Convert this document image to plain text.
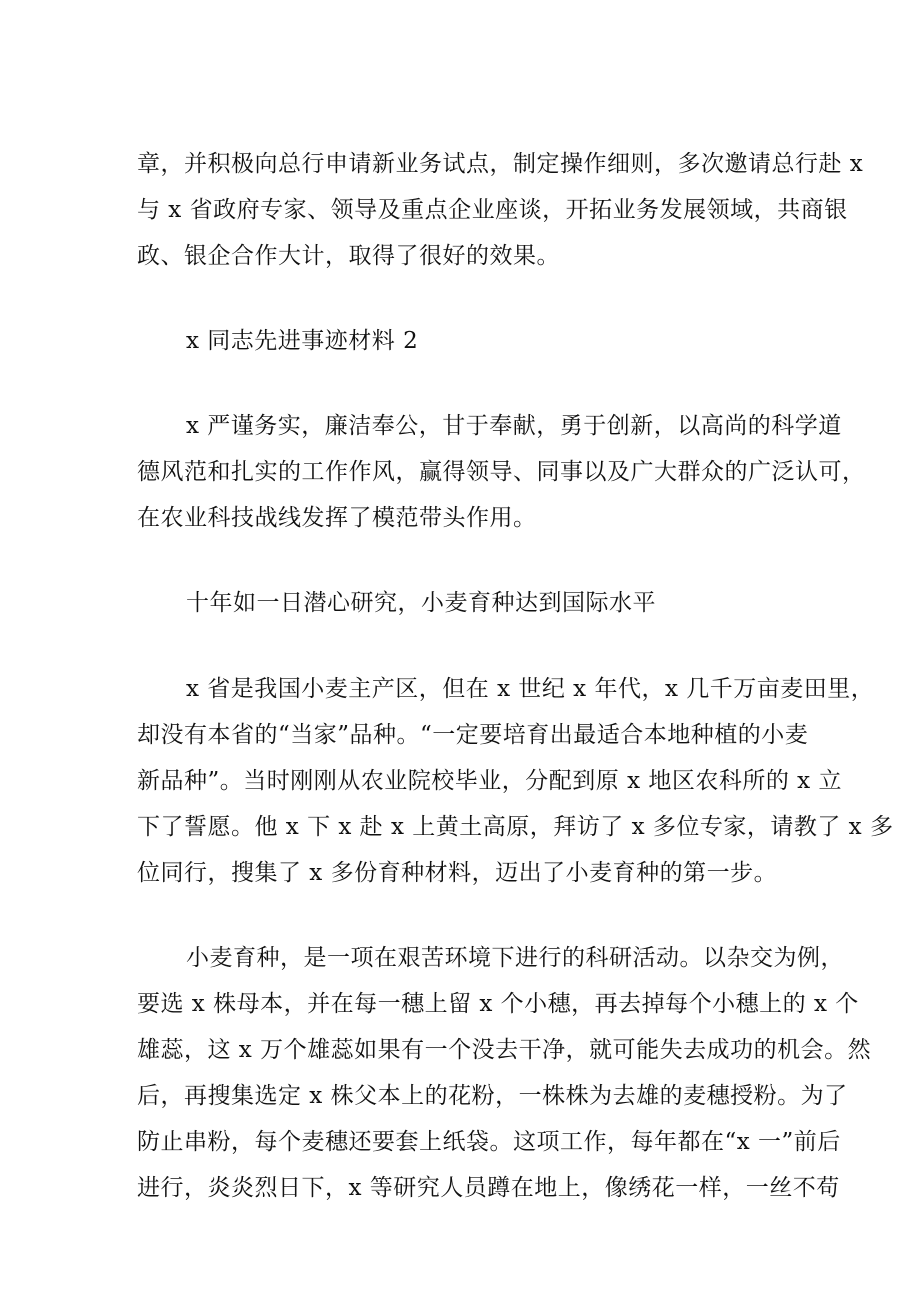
章，并积极向总行申请新业务试点，制定操作细则，多次邀请总行赴 x

与 x 省政府专家、领导及重点企业座谈，开拓业务发展领域，共商银

政、银企合作大计，取得了很好的效果。

x 同志先进事迹材料 2

x 严谨务实，廉洁奉公，甘于奉献，勇于创新，以高尚的科学道

德风范和扎实的工作作风，赢得领导、同事以及广大群众的广泛认可，

在农业科技战线发挥了模范带头作用。

十年如一日潜心研究，小麦育种达到国际水平

x 省是我国小麦主产区，但在 x 世纪 x 年代，x 几千万亩麦田里，

却没有本省的“当家”品种。“一定要培育出最适合本地种植的小麦

新品种”。当时刚刚从农业院校毕业，分配到原 x 地区农科所的 x 立

下了誓愿。他 x 下 x 赴 x 上黄土高原，拜访了 x 多位专家，请教了 x 多

位同行，搜集了 x 多份育种材料，迈出了小麦育种的第一步。

小麦育种，是一项在艰苦环境下进行的科研活动。以杂交为例，

要选 x 株母本，并在每一穗上留 x 个小穗，再去掉每个小穗上的 x 个

雄蕊，这 x 万个雄蕊如果有一个没去干净，就可能失去成功的机会。然

后，再搜集选定 x 株父本上的花粉，一株株为去雄的麦穗授粉。为了

防止串粉，每个麦穗还要套上纸袋。这项工作，每年都在“x 一”前后

进行，炎炎烈日下，x 等研究人员蹲在地上，像绣花一样，一丝不苟
